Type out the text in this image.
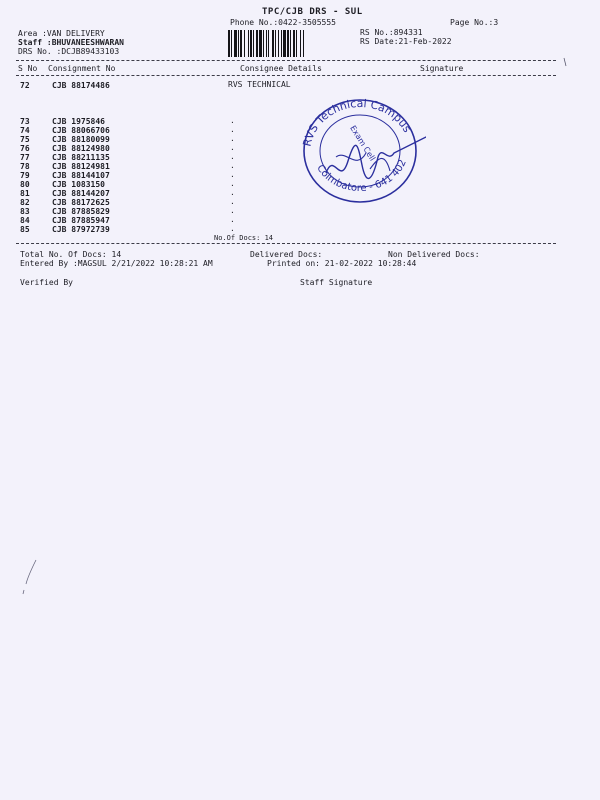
TPC/CJB DRS - SUL
Phone No.:0422-3505555	Page No.:3
Area :VAN DELIVERY
Staff :BHUVANEESHWARAN
DRS No. :DCJB89433103
RS No.:894331
RS Date:21-Feb-2022
S No Consignment No	Consignee Details	Signature
72	CJB 88174486	RVS TECHNICAL
73	CJB 1975846	.
74	CJB 88066706	.
75	CJB 88180099	.
76	CJB 88124980	.
77	CJB 88211135	.
78	CJB 88124981	.
79	CJB 88144107	.
80	CJB 1083150	.
81	CJB 88144207	.
82	CJB 88172625	.
83	CJB 87885829	.
84	CJB 87885947	.
85	CJB 87972739	.
No.Of Docs: 14
Total No. Of Docs: 14	Delivered Docs:	Non Delivered Docs:
Entered By :MAGSUL 2/21/2022 10:28:21 AM	Printed on: 21-02-2022 10:28:44
Verified By	Staff Signature
RVS Technical Campus
Coimbatore - 641 402
Exam Cell
